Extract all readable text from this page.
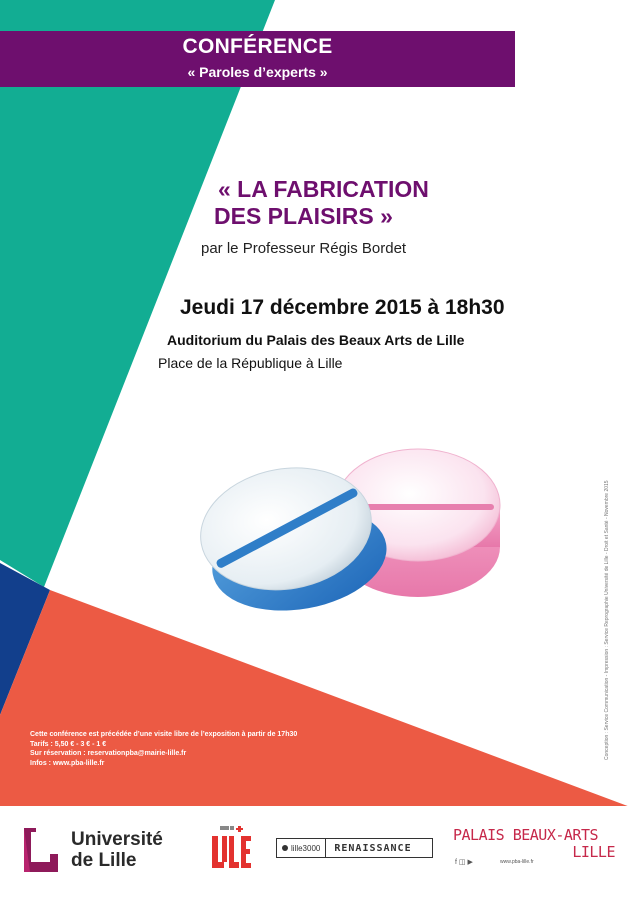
CONFÉRENCE
« Paroles d’experts »
« LA FABRICATION
DES PLAISIRS »
par le Professeur Régis Bordet
Jeudi 17 décembre 2015 à 18h30
Auditorium du Palais des Beaux Arts de Lille
Place de la République à Lille
Conception : Service Communication - Impression : Service Reprographie Université de Lille - Droit et Santé - Novembre 2015
Cette conférence est précédée d’une visite libre de l’exposition à partir de 17h30
Tarifs : 5,50 € - 3 € - 1 €
Sur réservation : reservationpba@mairie-lille.fr
Infos : www.pba-lille.fr
Université
de Lille
lille3000	RENAISSANCE
PALAIS BEAUX-ARTS
LILLE
f ◫ ▶	www.pba-lille.fr
